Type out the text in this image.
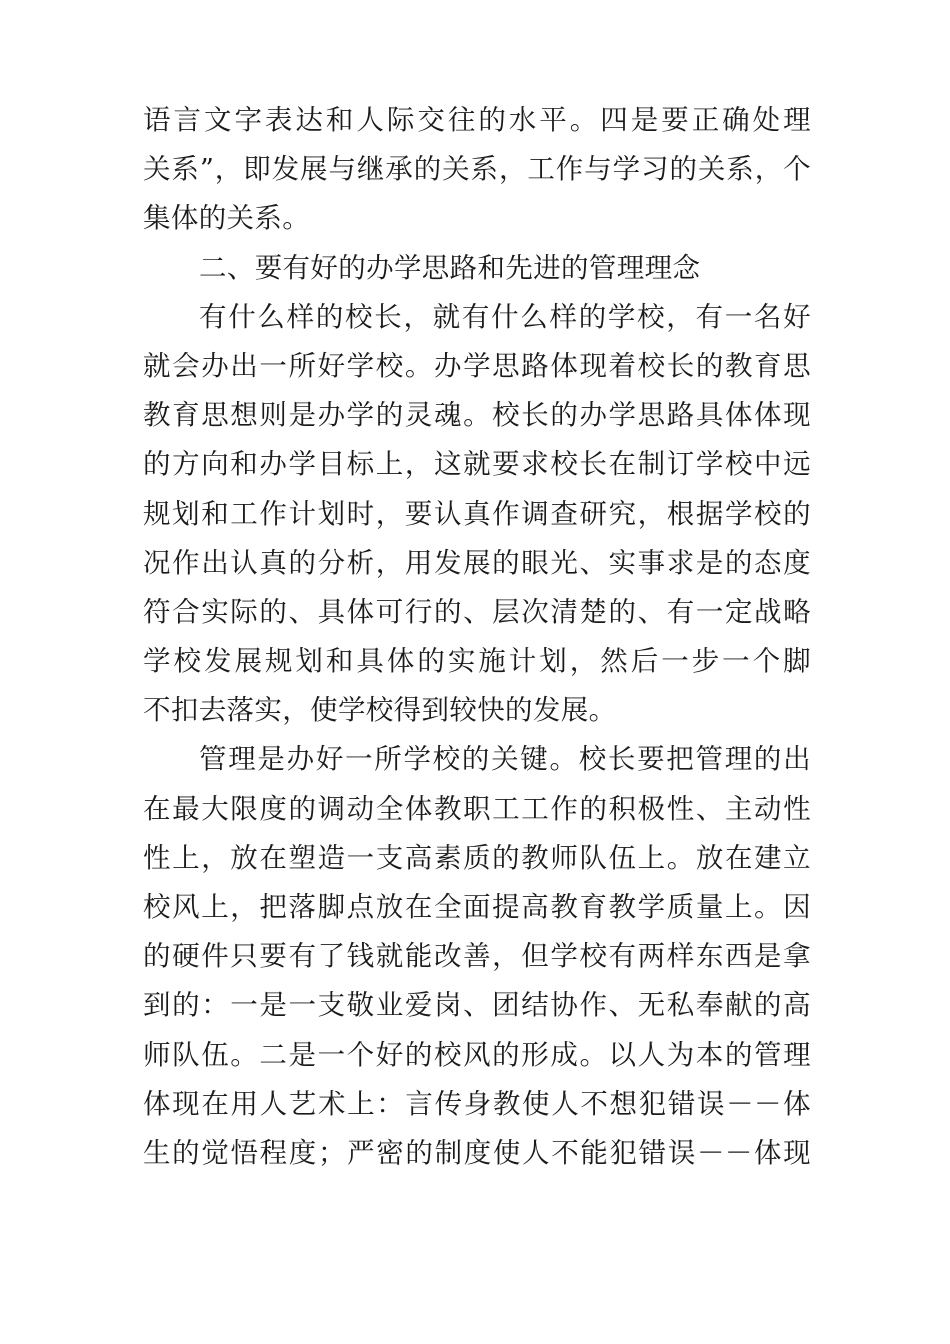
语言文字表达和人际交往的水平。四是要正确处理
关系”，即发展与继承的关系，工作与学习的关系，个
集体的关系。
二、要有好的办学思路和先进的管理理念
有什么样的校长，就有什么样的学校，有一名好
就会办出一所好学校。办学思路体现着校长的教育思
教育思想则是办学的灵魂。校长的办学思路具体体现
的方向和办学目标上，这就要求校长在制订学校中远
规划和工作计划时，要认真作调查研究，根据学校的
况作出认真的分析，用发展的眼光、实事求是的态度
符合实际的、具体可行的、层次清楚的、有一定战略
学校发展规划和具体的实施计划，然后一步一个脚
不扣去落实，使学校得到较快的发展。
管理是办好一所学校的关键。校长要把管理的出
在最大限度的调动全体教职工工作的积极性、主动性
性上，放在塑造一支高素质的教师队伍上。放在建立
校风上，把落脚点放在全面提高教育教学质量上。因
的硬件只要有了钱就能改善，但学校有两样东西是拿
到的：一是一支敬业爱岗、团结协作、无私奉献的高
师队伍。二是一个好的校风的形成。以人为本的管理
体现在用人艺术上：言传身教使人不想犯错误－－体
生的觉悟程度；严密的制度使人不能犯错误－－体现
